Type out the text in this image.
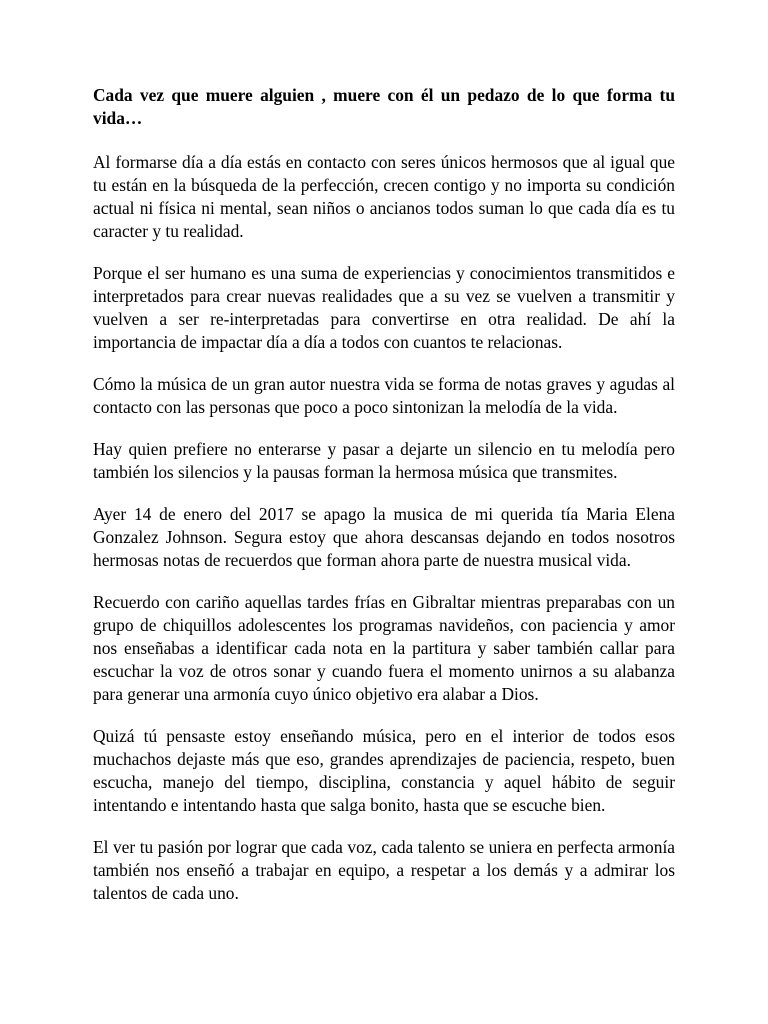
Cada vez que muere alguien , muere con él un pedazo de lo que forma tu vida…

Al formarse día a día estás en contacto con seres únicos hermosos que al igual que tu están en la búsqueda de la perfección, crecen contigo y no importa su condición actual ni física ni mental, sean niños o ancianos todos suman lo que cada día es tu caracter y tu realidad.

Porque el ser humano es una suma de experiencias y conocimientos transmitidos e interpretados para crear nuevas realidades que a su vez se vuelven a transmitir y vuelven a ser re-interpretadas para convertirse en otra realidad. De ahí la importancia de impactar día a día a todos con cuantos te relacionas.

Cómo la música de un gran autor nuestra vida se forma de notas graves y agudas al contacto con las personas que poco a poco sintonizan la melodía de la vida.

Hay quien prefiere no enterarse y pasar a dejarte un silencio en tu melodía pero también los silencios y la pausas forman la hermosa música que transmites.

Ayer 14 de enero del 2017 se apago la musica de mi querida tía Maria Elena Gonzalez Johnson. Segura estoy que ahora descansas dejando en todos nosotros hermosas notas de recuerdos que forman ahora parte de nuestra musical vida.

Recuerdo con cariño aquellas tardes frías en Gibraltar mientras preparabas con un grupo de chiquillos adolescentes los programas navideños, con paciencia y amor nos enseñabas a identificar cada nota en la partitura y saber también callar para escuchar la voz de otros sonar y cuando fuera el momento unirnos a su alabanza para generar una armonía cuyo único objetivo era alabar a Dios.

Quizá tú pensaste estoy enseñando música, pero en el interior de todos esos muchachos dejaste más que eso, grandes aprendizajes de paciencia, respeto, buen escucha, manejo del tiempo, disciplina, constancia y aquel hábito de seguir intentando e intentando hasta que salga bonito, hasta que se escuche bien.

El ver tu pasión por lograr que cada voz, cada talento se uniera en perfecta armonía también nos enseñó a trabajar en equipo, a respetar a los demás y a admirar los talentos de cada uno.
